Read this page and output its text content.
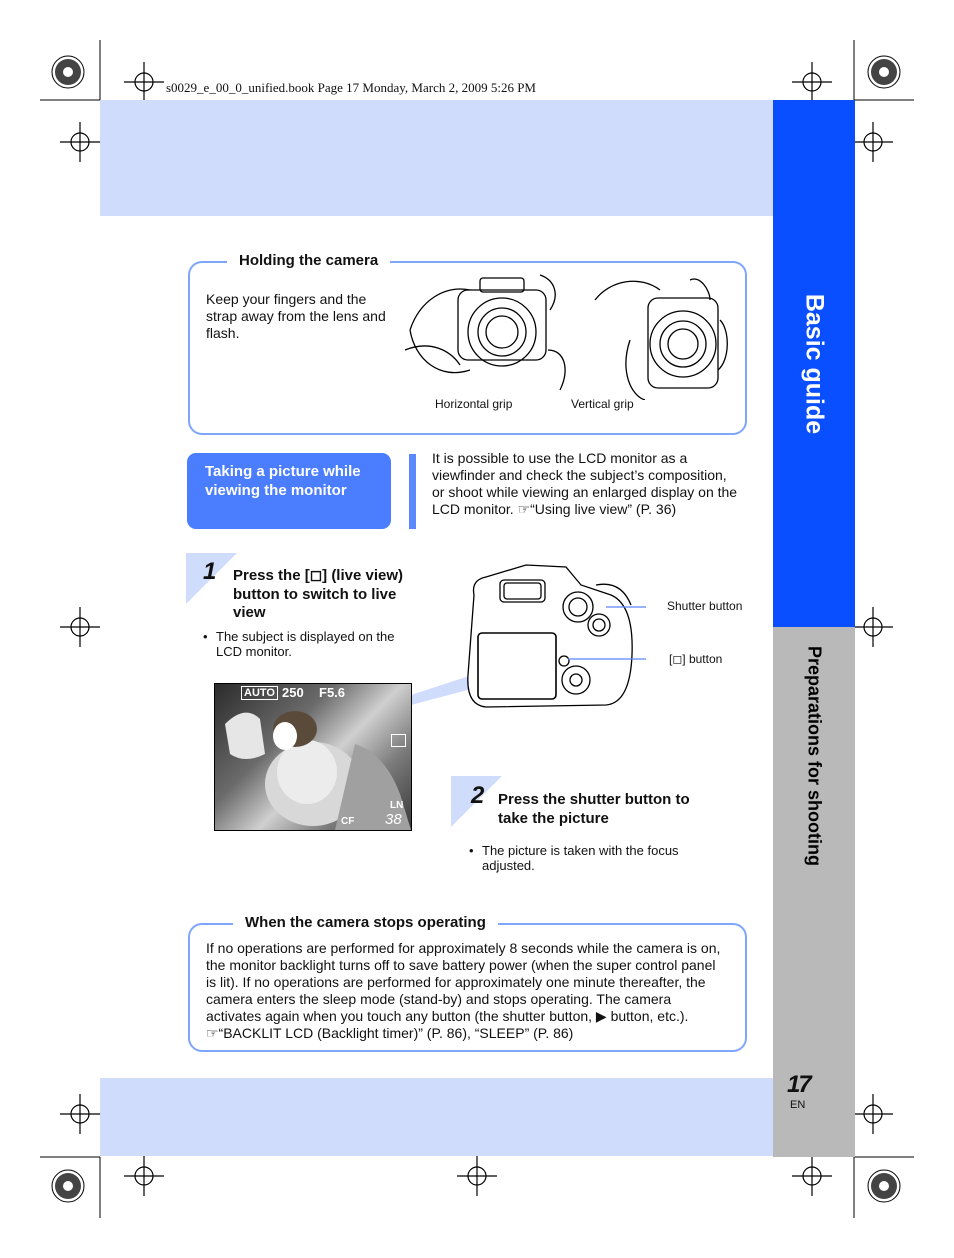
s0029_e_00_0_unified.book Page 17 Monday, March 2, 2009 5:26 PM
Basic guide
Preparations for shooting
Holding the camera
Keep your fingers and the strap away from the lens and flash.
Horizontal grip	Vertical grip
Taking a picture while viewing the monitor
It is possible to use the LCD monitor as a viewfinder and check the subject’s composition, or shoot while viewing an enlarged display on the LCD monitor. ☞“Using live view” (P. 36)
1 Press the [◻] (live view) button to switch to live view
• The subject is displayed on the LCD monitor.
Shutter button
[◻] button
AUTO 250 F5.6
LN
CF 38
2 Press the shutter button to take the picture
• The picture is taken with the focus adjusted.
When the camera stops operating
If no operations are performed for approximately 8 seconds while the camera is on, the monitor backlight turns off to save battery power (when the super control panel is lit). If no operations are performed for approximately one minute thereafter, the camera enters the sleep mode (stand-by) and stops operating. The camera activates again when you touch any button (the shutter button, ▶ button, etc.). ☞“BACKLIT LCD (Backlight timer)” (P. 86), “SLEEP” (P. 86)
17
EN
